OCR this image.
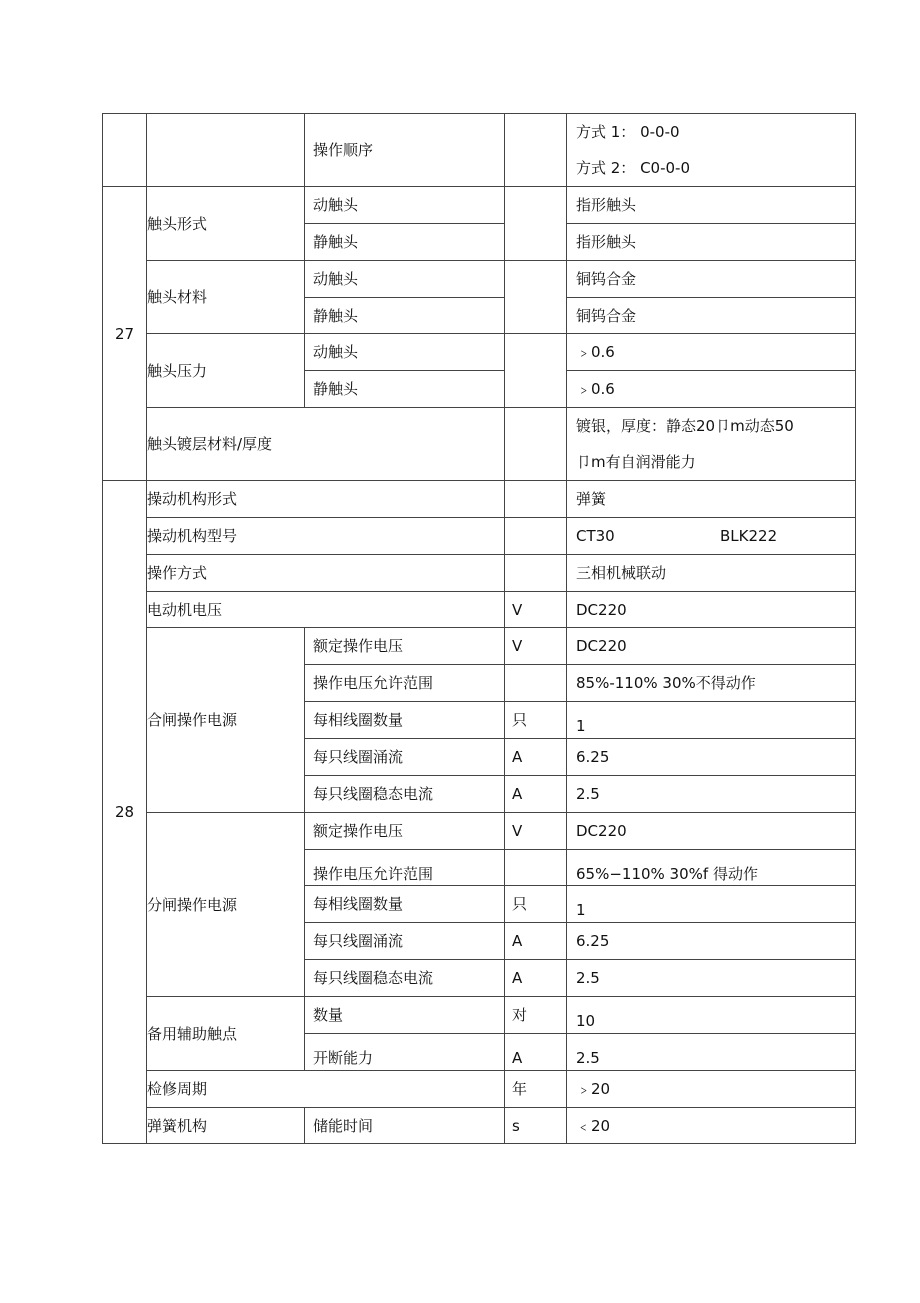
		操作顺序		方式 1： 0-0-0
方式 2： C0-0-0

27	触头形式	动触头		指形触头
		静触头		指形触头
	触头材料	动触头		铜钨合金
		静触头		铜钨合金
	触头压力	动触头		﹥0.6
		静触头		﹥0.6
	触头镀层材料/厚度			镀银，厚度：静态20卩m动态50
卩m有自润滑能力

28	操动机构形式			弹簧
	操动机构型号			CT30 BLK222
	操作方式			三相机械联动
	电动机电压		V	DC220
	合闸操作电源	额定操作电压	V	DC220
		操作电压允许范围		85%-110% 30%不得动作
		每相线圈数量	只	1
		每只线圈涌流	A	6.25
		每只线圈稳态电流	A	2.5
	分闸操作电源	额定操作电压	V	DC220
		操作电压允许范围		65%−110% 30%f 得动作
		每相线圈数量	只	1
		每只线圈涌流	A	6.25
		每只线圈稳态电流	A	2.5
	备用辅助触点	数量	对	10
		开断能力	A	2.5
	检修周期		年	﹥20
	弹簧机构	储能时间	s	﹤20
